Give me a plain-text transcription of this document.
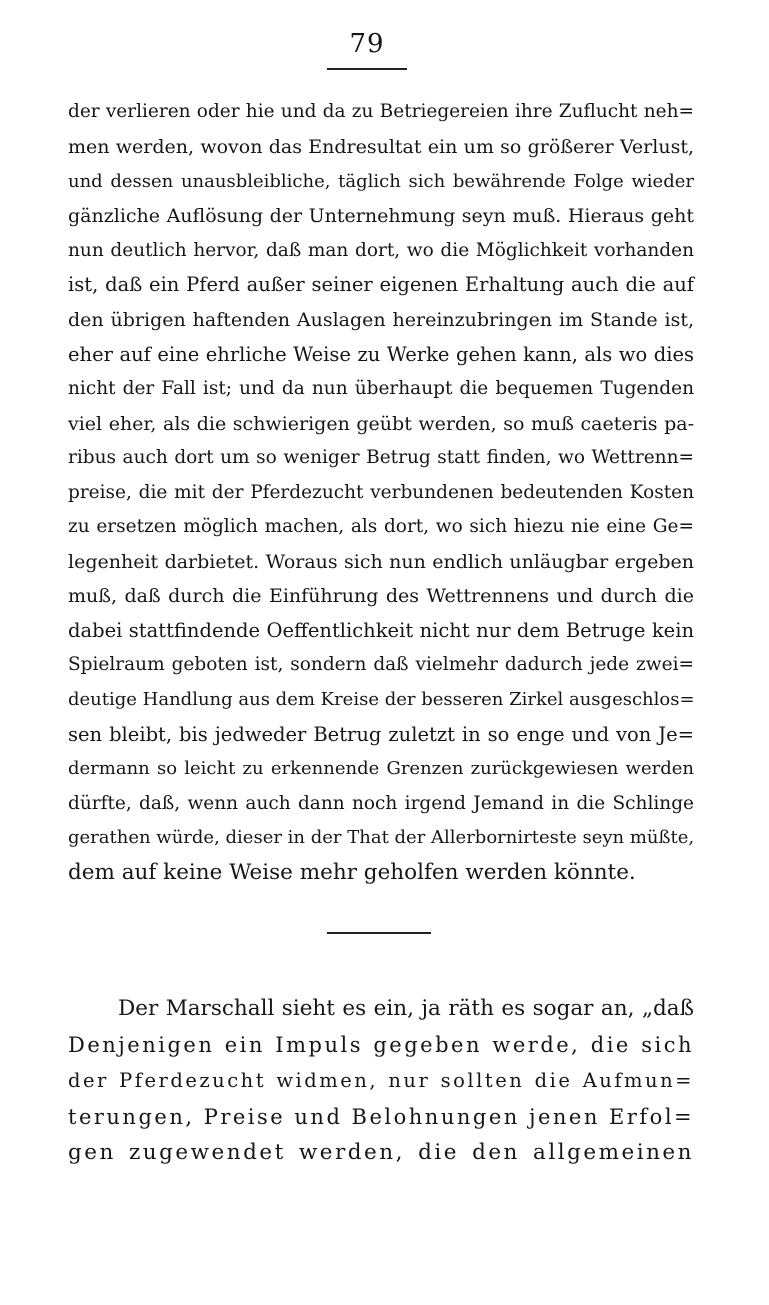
79
der verlieren oder hie und da zu Betriegereien ihre Zuflucht neh=
men werden, wovon das Endresultat ein um so größerer Verlust,
und dessen unausbleibliche, täglich sich bewährende Folge wieder
gänzliche Auflösung der Unternehmung seyn muß. Hieraus geht
nun deutlich hervor, daß man dort, wo die Möglichkeit vorhanden
ist, daß ein Pferd außer seiner eigenen Erhaltung auch die auf
den übrigen haftenden Auslagen hereinzubringen im Stande ist,
eher auf eine ehrliche Weise zu Werke gehen kann, als wo dies
nicht der Fall ist; und da nun überhaupt die bequemen Tugenden
viel eher, als die schwierigen geübt werden, so muß caeteris pa-
ribus auch dort um so weniger Betrug statt finden, wo Wettrenn=
preise, die mit der Pferdezucht verbundenen bedeutenden Kosten
zu ersetzen möglich machen, als dort, wo sich hiezu nie eine Ge=
legenheit darbietet. Woraus sich nun endlich unläugbar ergeben
muß, daß durch die Einführung des Wettrennens und durch die
dabei stattfindende Oeffentlichkeit nicht nur dem Betruge kein
Spielraum geboten ist, sondern daß vielmehr dadurch jede zwei=
deutige Handlung aus dem Kreise der besseren Zirkel ausgeschlos=
sen bleibt, bis jedweder Betrug zuletzt in so enge und von Je=
dermann so leicht zu erkennende Grenzen zurückgewiesen werden
dürfte, daß, wenn auch dann noch irgend Jemand in die Schlinge
gerathen würde, dieser in der That der Allerbornirteste seyn müßte,
dem auf keine Weise mehr geholfen werden könnte.
Der Marschall sieht es ein, ja räth es sogar an, „daß
Denjenigen ein Impuls gegeben werde, die sich
der Pferdezucht widmen, nur sollten die Aufmun=
terungen, Preise und Belohnungen jenen Erfol=
gen zugewendet werden, die den allgemeinen
